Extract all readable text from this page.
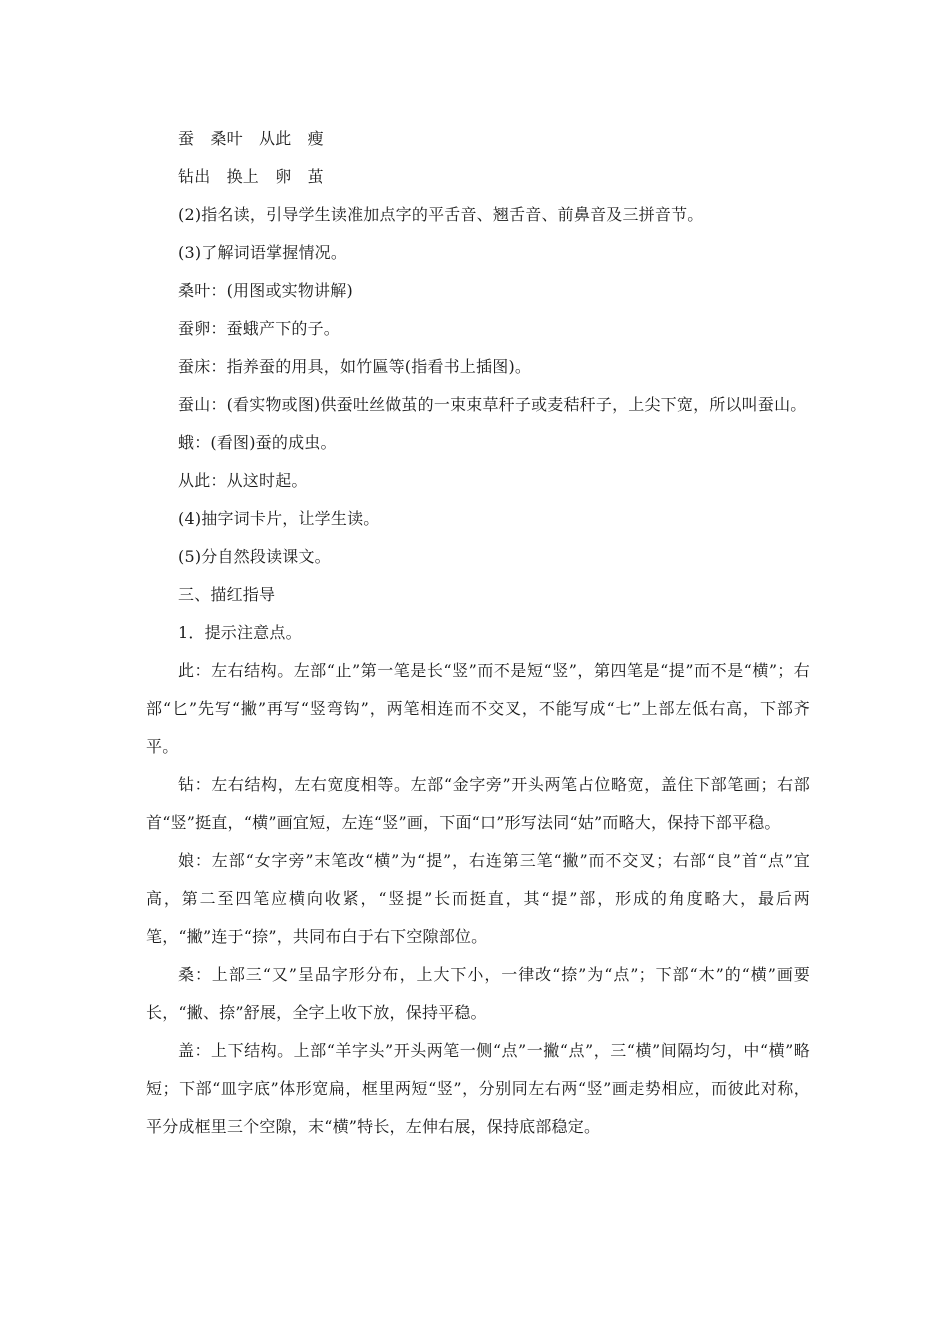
蚕　桑叶　从此　瘦

钻出　换上　卵　茧

(2)指名读，引导学生读准加点字的平舌音、翘舌音、前鼻音及三拼音节。

(3)了解词语掌握情况。

桑叶：(用图或实物讲解)

蚕卵：蚕蛾产下的子。

蚕床：指养蚕的用具，如竹匾等(指看书上插图)。

蚕山：(看实物或图)供蚕吐丝做茧的一束束草秆子或麦秸秆子，上尖下宽，所以叫蚕山。

蛾：(看图)蚕的成虫。

从此：从这时起。

(4)抽字词卡片，让学生读。

(5)分自然段读课文。

三、描红指导

1．提示注意点。

此：左右结构。左部“止”第一笔是长“竖”而不是短“竖”，第四笔是“提”而不是“横”；右部“匕”先写“撇”再写“竖弯钩”，两笔相连而不交叉，不能写成“七”上部左低右高，下部齐平。

钻：左右结构，左右宽度相等。左部“金字旁”开头两笔占位略宽，盖住下部笔画；右部首“竖”挺直，“横”画宜短，左连“竖”画，下面“口”形写法同“姑”而略大，保持下部平稳。

娘：左部“女字旁”末笔改“横”为“提”，右连第三笔“撇”而不交叉；右部“良”首“点”宜高，第二至四笔应横向收紧，“竖提”长而挺直，其“提”部，形成的角度略大，最后两笔，“撇”连于“捺”，共同布白于右下空隙部位。

桑：上部三“又”呈品字形分布，上大下小，一律改“捺”为“点”；下部“木”的“横”画要长，“撇、捺”舒展，全字上收下放，保持平稳。

盖：上下结构。上部“羊字头”开头两笔一侧“点”一撇“点”，三“横”间隔均匀，中“横”略短；下部“皿字底”体形宽扁，框里两短“竖”，分别同左右两“竖”画走势相应，而彼此对称，平分成框里三个空隙，末“横”特长，左伸右展，保持底部稳定。
